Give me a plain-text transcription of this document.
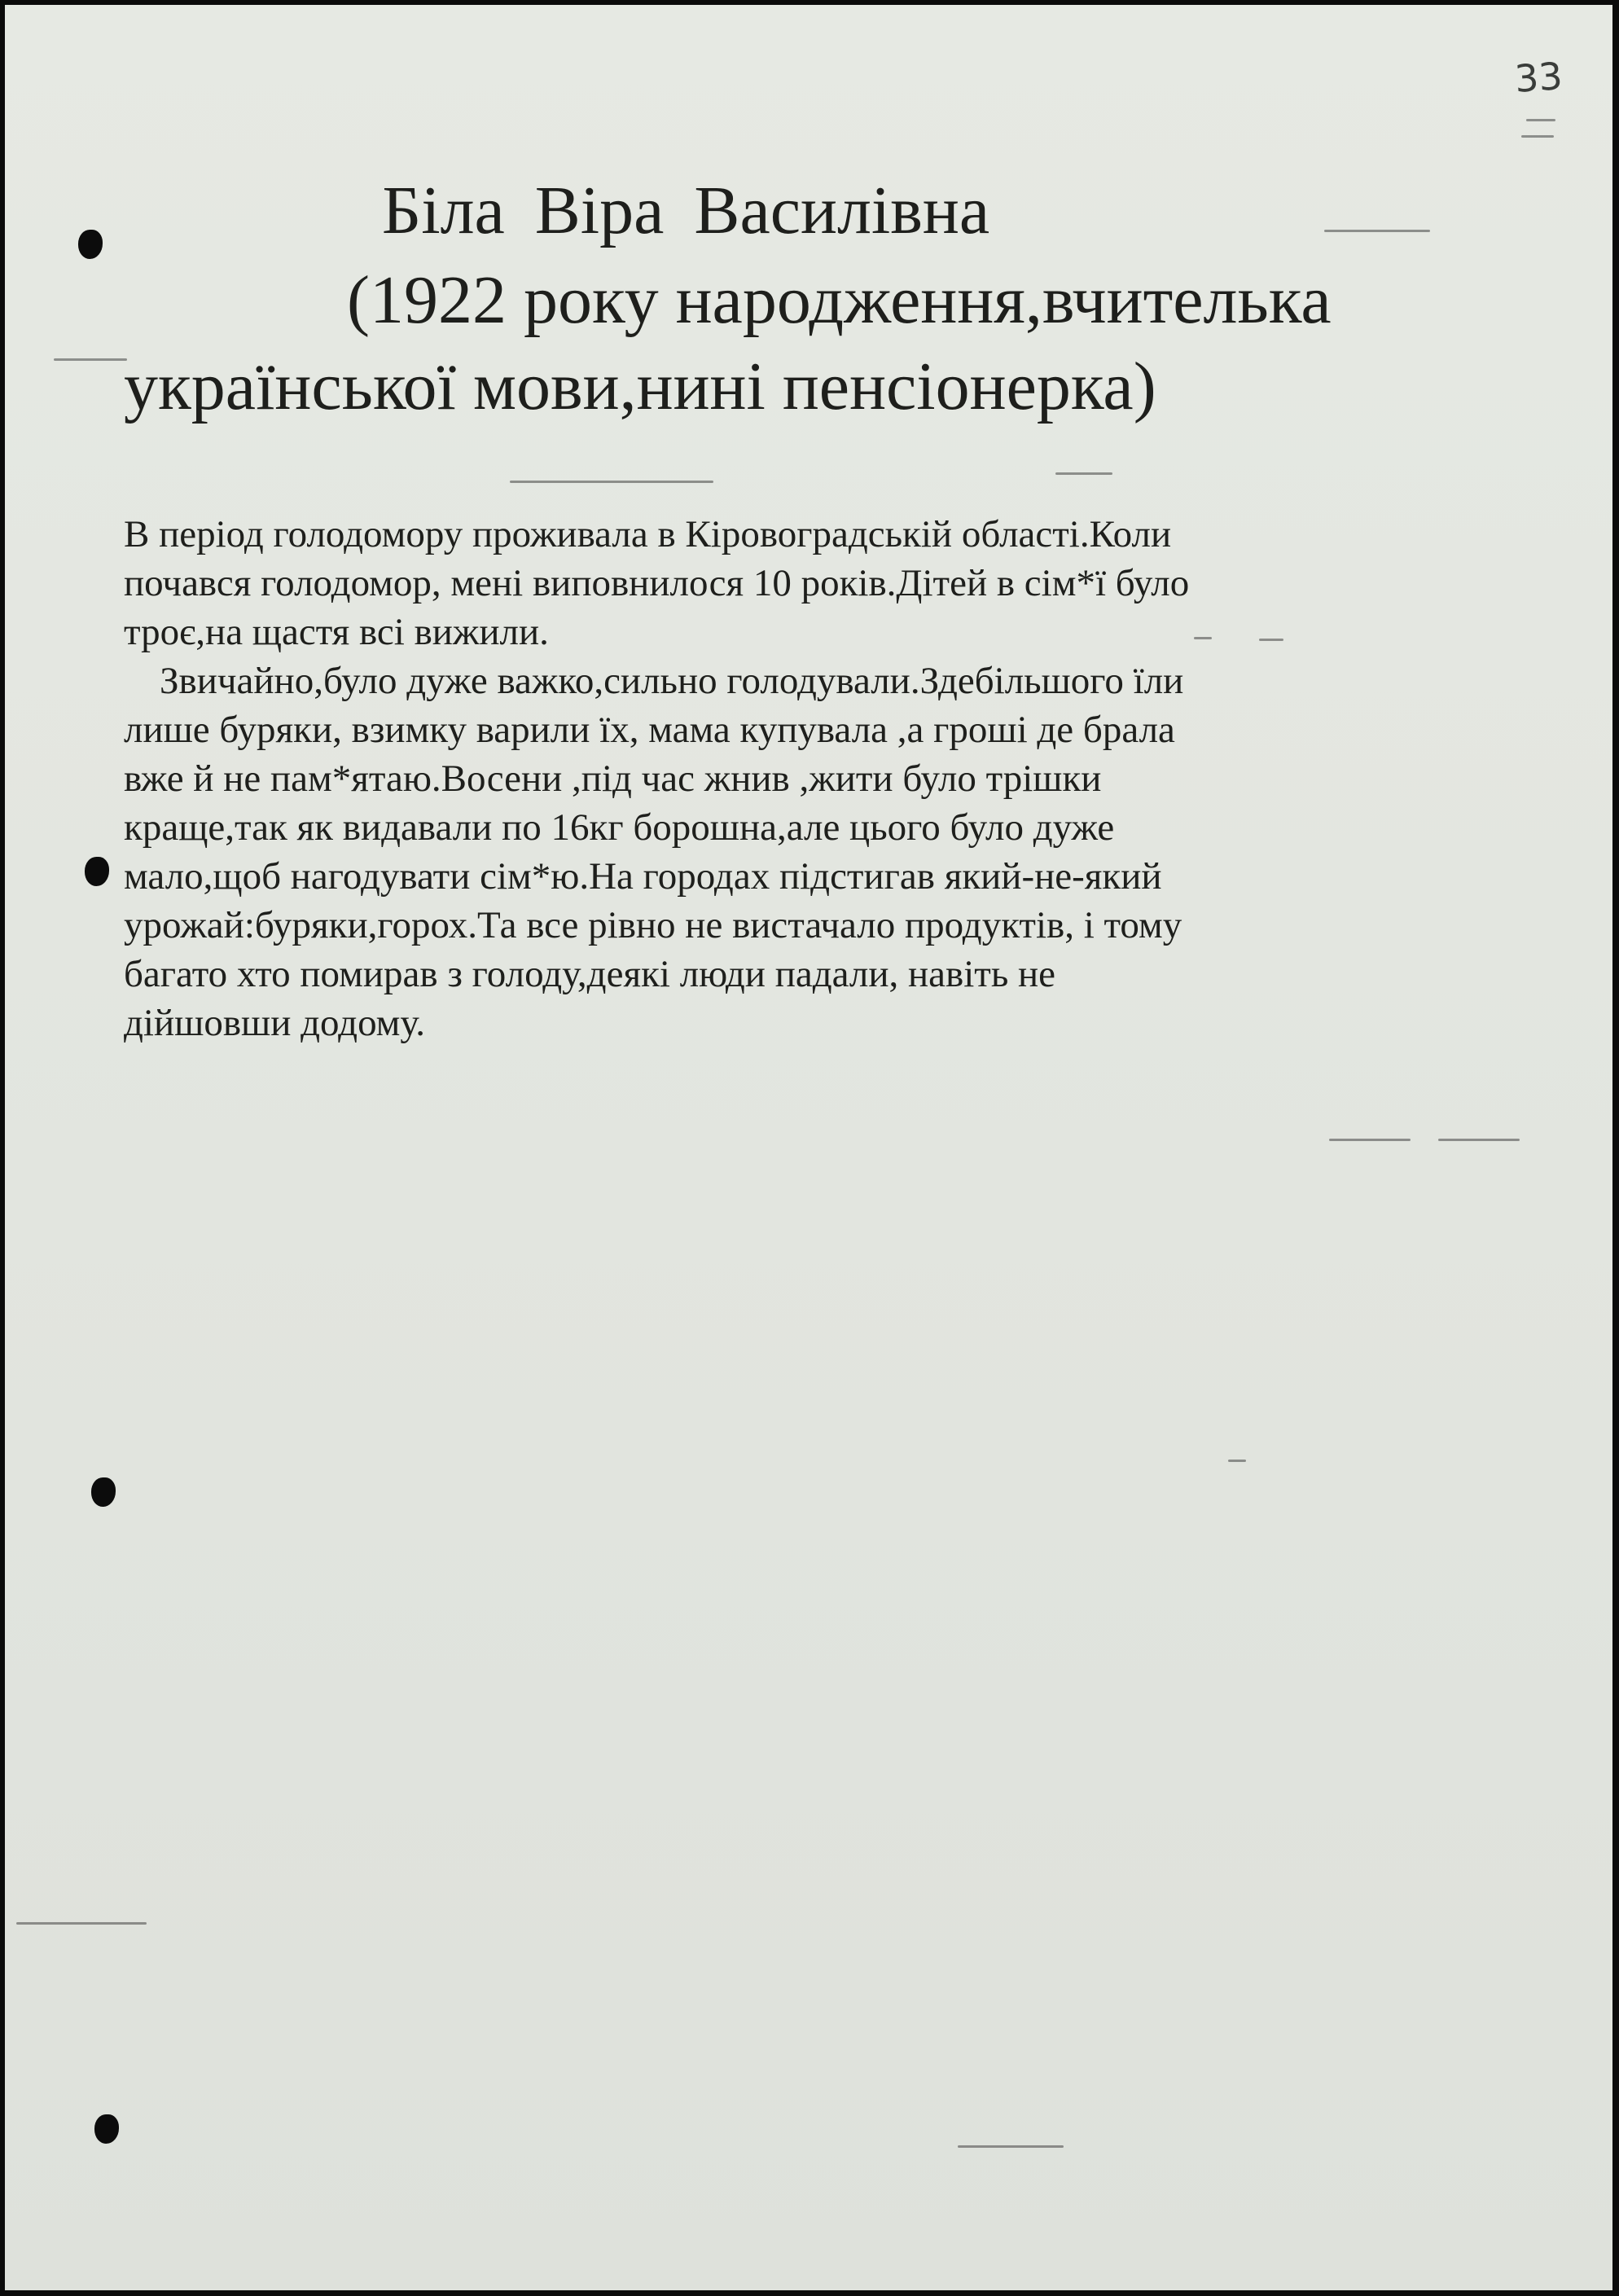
33
Біла Віра Василівна
(1922 року народження,вчителька
української мови,нині пенсіонерка)
В період голодомору проживала в Кіровоградській області.Коли
почався голодомор, мені виповнилося 10 років.Дітей в сім*ї було
троє,на щастя всі вижили.
Звичайно,було дуже важко,сильно голодували.Здебільшого їли
лише буряки, взимку варили їх, мама купувала ,а гроші де брала
вже й не пам*ятаю.Восени ,під час жнив ,жити було трішки
краще,так як видавали по 16кг борошна,але цього було дуже
мало,щоб нагодувати сім*ю.На городах підстигав який-не-який
урожай:буряки,горох.Та все рівно не вистачало продуктів, і тому
багато хто помирав з голоду,деякі люди падали, навіть не
дійшовши додому.
